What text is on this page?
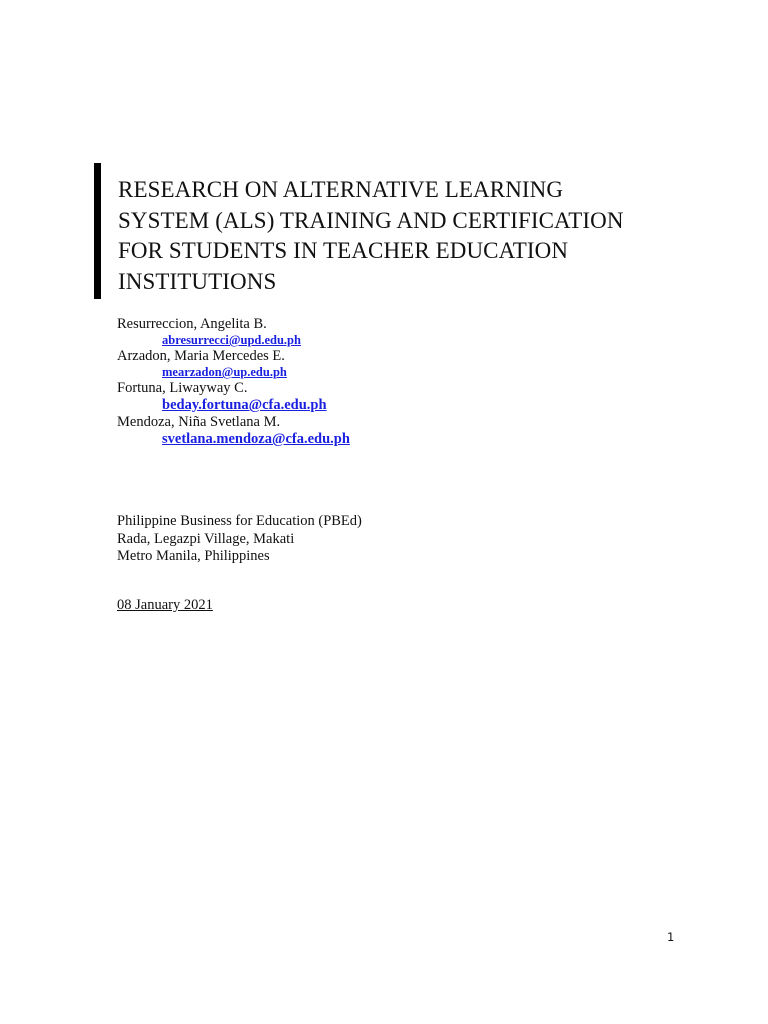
RESEARCH ON ALTERNATIVE LEARNING
SYSTEM (ALS) TRAINING AND CERTIFICATION
FOR STUDENTS IN TEACHER EDUCATION
INSTITUTIONS
Resurreccion, Angelita B.
abresurrecci@upd.edu.ph
Arzadon, Maria Mercedes E.
mearzadon@up.edu.ph
Fortuna, Liwayway C.
beday.fortuna@cfa.edu.ph
Mendoza, Niña Svetlana M.
svetlana.mendoza@cfa.edu.ph
Philippine Business for Education (PBEd)
Rada, Legazpi Village, Makati
Metro Manila, Philippines
08 January 2021
1
